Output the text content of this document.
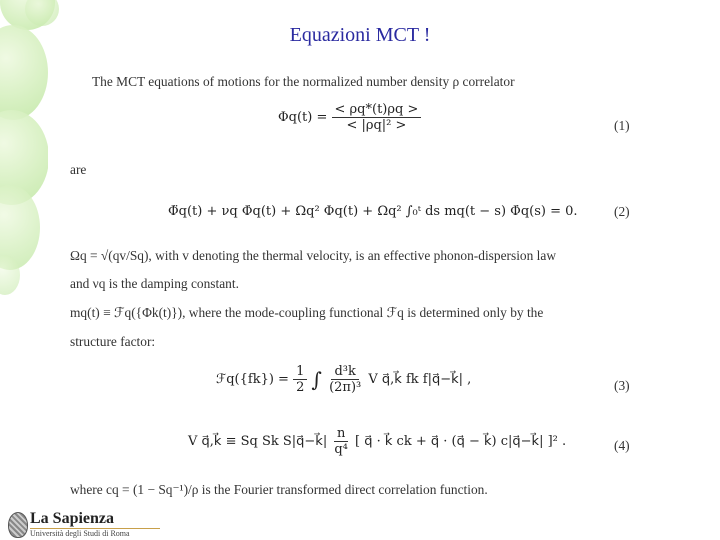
Equazioni MCT !
The MCT equations of motions for the normalized number density ρ correlator
$\Phi q(t) = \frac{< \rho q*(t)\rho q >}{\text{< |ρq|² >}}$	(1)
are
Φ̈q(t) + νq Φ̇q(t) + Ωq² Φq(t) + Ωq² ∫₀ᵗ ds mq(t − s) Φ̇q(s) = 0.	(2)
Ωq = √(qv/Sq), with v denoting the thermal velocity, is an effective phonon-dispersion law
and νq is the damping constant.
mq(t) ≡ ℱq({Φk(t)}), where the mode-coupling functional ℱq is determined only by the
structure factor:
ℱq({fk}) = $\frac{1}{2}$ ∫ $\frac{\text{d³k}}{\text{(2π)³}}$ V q⃗,k⃗ fk f|q⃗−k⃗| ,	(3)
V q⃗,k⃗ ≡ Sq Sk S|q⃗−k⃗| $\frac{n}{\text{q⁴}}$ [ q⃗ · k⃗ ck + q⃗ · (q⃗ − k⃗) c|q⃗−k⃗| ]² .	(4)
where cq = (1 − Sq⁻¹)/ρ is the Fourier transformed direct correlation function.
La Sapienza
Università degli Studi di Roma
